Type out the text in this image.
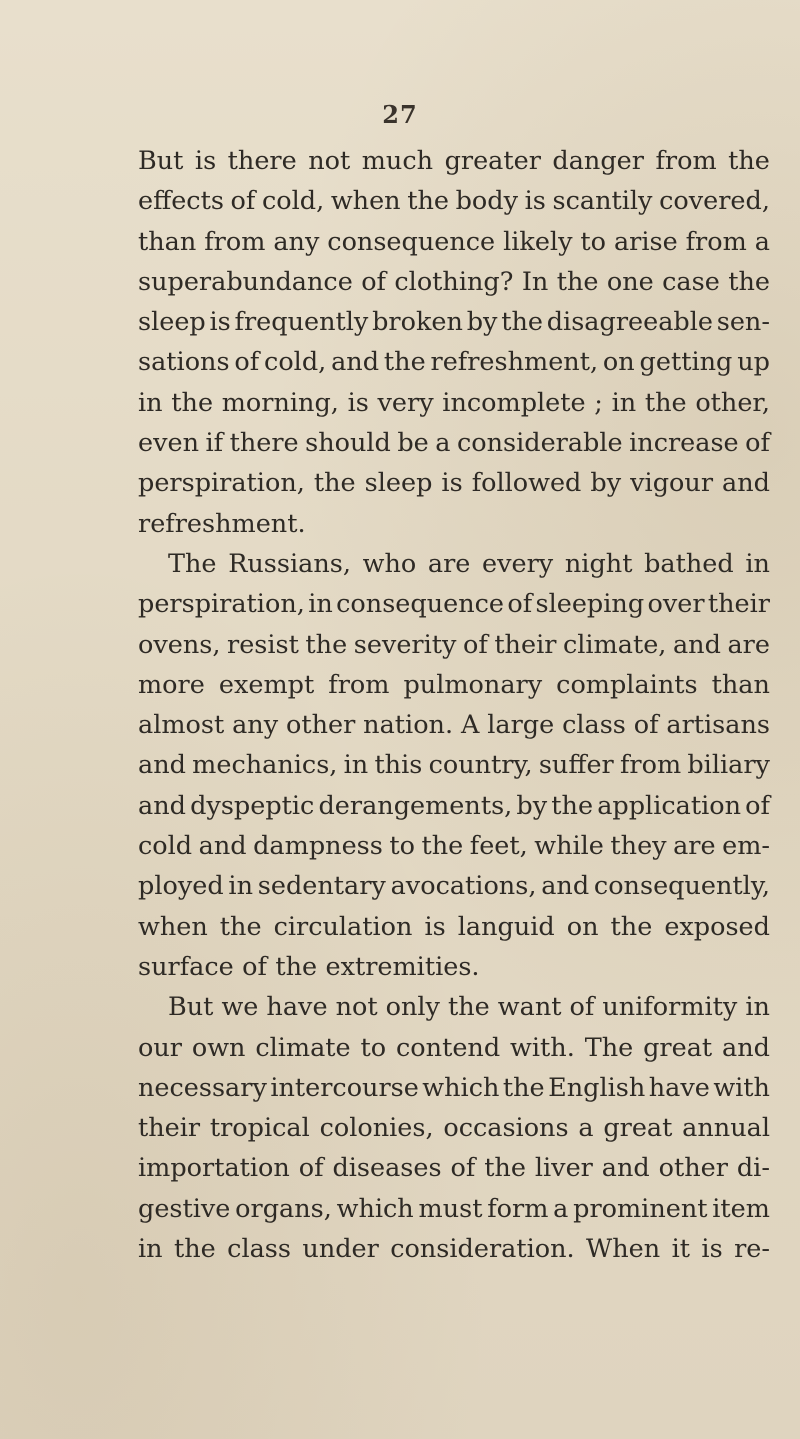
27
But is there not much greater danger from the
effects of cold, when the body is scantily covered,
than from any consequence likely to arise from a
superabundance of clothing? In the one case the
sleep is frequently broken by the disagreeable sen-
sations of cold, and the refreshment, on getting up
in the morning, is very incomplete ; in the other,
even if there should be a considerable increase of
perspiration, the sleep is followed by vigour and
refreshment.
The Russians, who are every night bathed in
perspiration, in consequence of sleeping over their
ovens, resist the severity of their climate, and are
more exempt from pulmonary complaints than
almost any other nation. A large class of artisans
and mechanics, in this country, suffer from biliary
and dyspeptic derangements, by the application of
cold and dampness to the feet, while they are em-
ployed in sedentary avocations, and consequently,
when the circulation is languid on the exposed
surface of the extremities.
But we have not only the want of uniformity in
our own climate to contend with. The great and
necessary intercourse which the English have with
their tropical colonies, occasions a great annual
importation of diseases of the liver and other di-
gestive organs, which must form a prominent item
in the class under consideration. When it is re-
